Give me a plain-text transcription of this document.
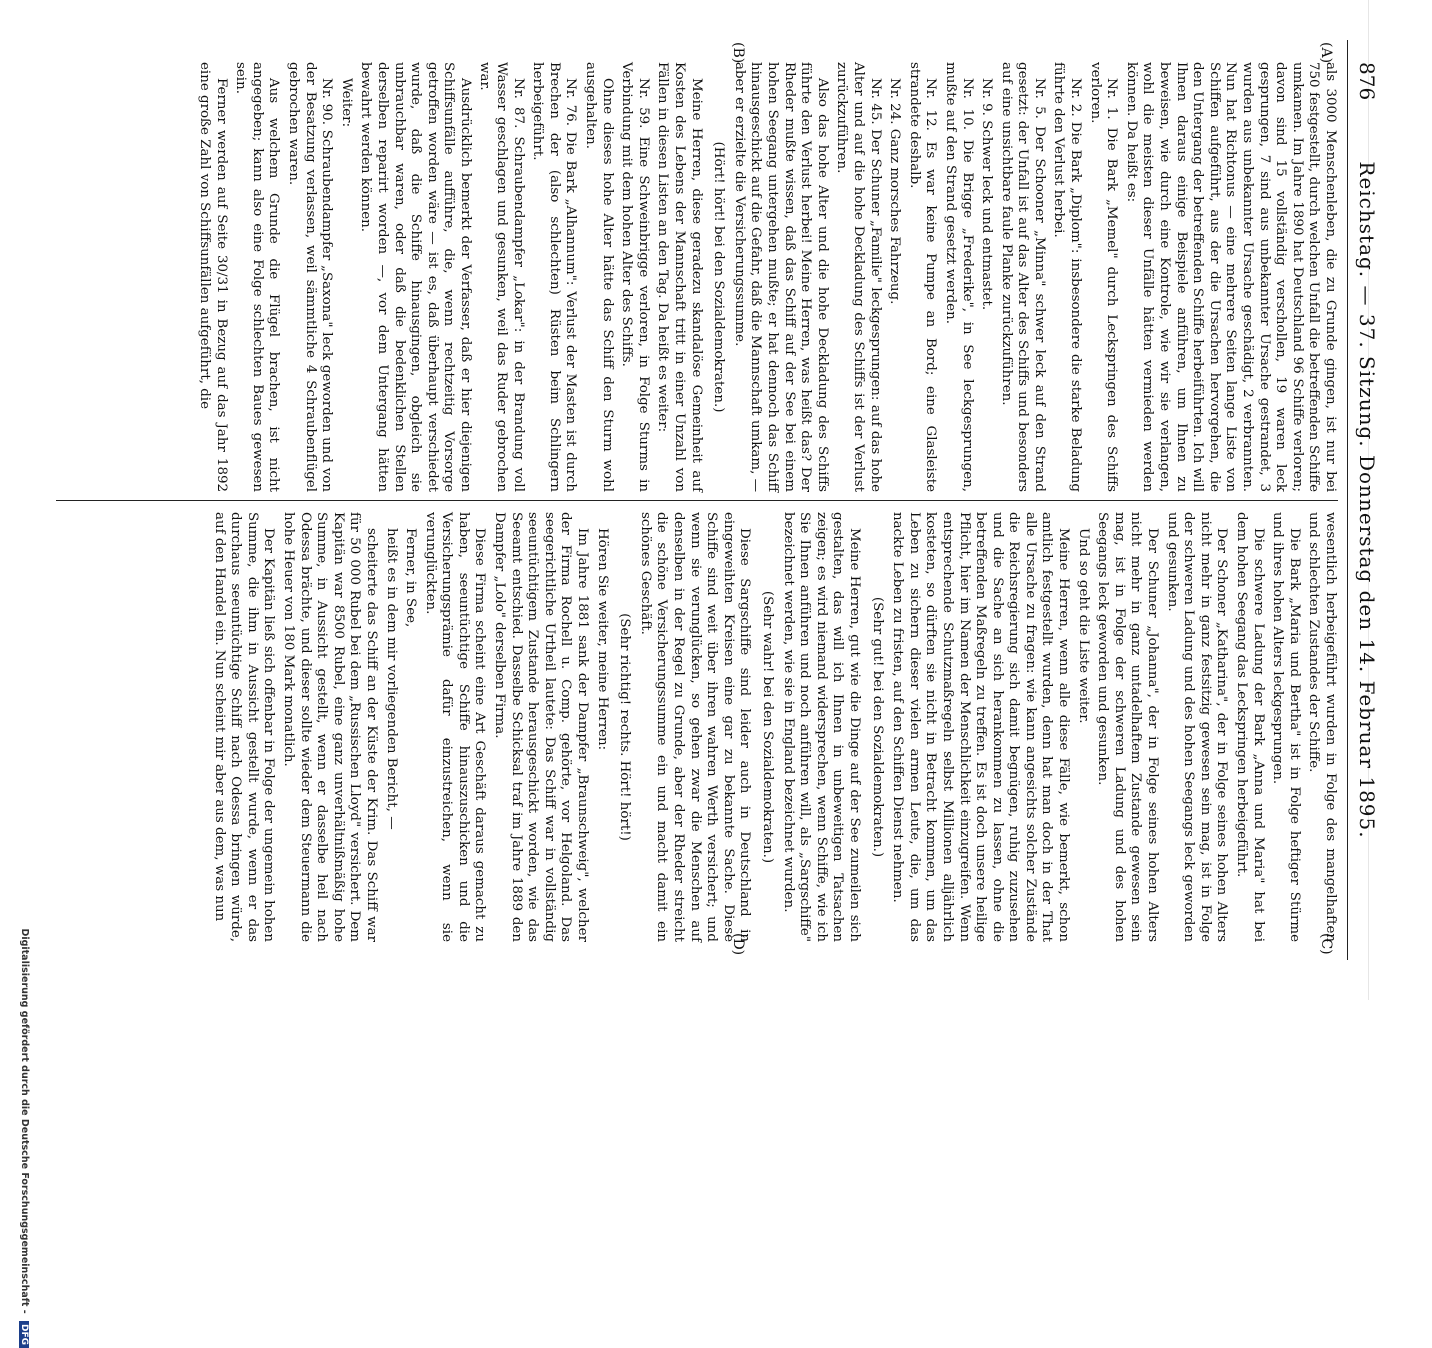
876
Reichstag. — 37. Sitzung. Donnerstag den 14. Februar 1895.
(A)
(B)
(C)
(D)

als 3000 Menschenleben, die zu Grunde gingen, ist nur bei 750 festgestellt, durch welchen Unfall die betreffenden Schiffe umkamen. Im Jahre 1890 hat Deutschland 96 Schiffe verloren; davon sind 15 vollständig verschollen, 19 waren leck gesprungen, 7 sind aus unbekannter Ursache gestrandet, 3 wurden aus unbekannter Ursache geschädigt, 2 verbrannten. Nun hat Richtonus — eine mehrere Seiten lange Liste von Schiffen aufgeführt, aus der die Ursachen hervorgehen, die den Untergang der betreffenden Schiffe herbeiführten. Ich will Ihnen daraus einige Beispiele anführen, um Ihnen zu beweisen, wie durch eine Kontrole, wie wir sie verlangen, wohl die meisten dieser Unfälle hätten vermieden werden können. Da heißt es:

Nr. 1. Die Bark „Memel" durch Leckspringen des Schiffs verloren.

Nr. 2. Die Bark „Diplom": insbesondere die starke Beladung führte den Verlust herbei.

Nr. 5. Der Schooner „Minna" schwer leck auf den Strand gesetzt: der Unfall ist auf das Alter des Schiffs und besonders auf eine unsichtbare faule Planke zurückzuführen.

Nr. 9. Schwer leck und entmastet.

Nr. 10. Die Brigge „Frederike", in See leckgesprungen, mußte auf den Strand gesetzt werden.

Nr. 12. Es war keine Pumpe an Bord; eine Glasleiste strandete deshalb.

Nr. 24. Ganz morsches Fahrzeug.

Nr. 45. Der Schuner „Familie" leckgesprungen: auf das hohe Alter und auf die hohe Deckladung des Schiffs ist der Verlust zurückzuführen.

Also das hohe Alter und die hohe Deckladung des Schiffs führte den Verlust herbei! Meine Herren, was heißt das? Der Rheder mußte wissen, daß das Schiff auf der See bei einem hohen Seegang untergehen mußte; er hat dennoch das Schiff hinausgeschickt auf die Gefahr, daß die Mannschaft umkam, — aber er erzielte die Versicherungssumme.

(Hört! hört! bei den Sozialdemokraten.)

Meine Herren, diese geradezu skandalöse Gemeinheit auf Kosten des Lebens der Mannschaft tritt in einer Unzahl von Fällen in diesen Listen an den Tag. Da heißt es weiter:

Nr. 59. Eine Schweinbrigge verloren, in Folge Sturms in Verbindung mit dem hohen Alter des Schiffs.

Ohne dieses hohe Alter hätte das Schiff den Sturm wohl ausgehalten.

Nr. 76. Die Bark „Alhannum": Verlust der Masten ist durch Brechen der (also schlechten) Rüsten beim Schlingern herbeigeführt.

Nr. 87. Schraubendampfer „Lokar": in der Brandung voll Wasser geschlagen und gesunken, weil das Ruder gebrochen war.

Ausdrücklich bemerkt der Verfasser, daß er hier diejenigen Schiffsunfälle aufführe, die, wenn rechtzeitig Vorsorge getroffen worden wäre — ist es, daß überhaupt verschiedet wurde, daß die Schiffe hinausgingen, obgleich sie unbrauchbar waren, oder daß die bedenklichen Stellen derselben reparirt worden —, vor dem Untergang hätten bewahrt werden können.

Weiter:

Nr. 90. Schraubendampfer „Saxona" leck geworden und von der Besatzung verlassen, weil sämmtliche 4 Schraubenflügel gebrochen waren.

Aus welchem Grunde die Flügel brachen, ist nicht angegeben; kann also eine Folge schlechten Baues gewesen sein.

Ferner werden auf Seite 30/31 in Bezug auf das Jahr 1892 eine große Zahl von Schiffsunfällen aufgeführt, die

wesentlich herbeigeführt wurden in Folge des mangelhaften und schlechten Zustandes der Schiffe.

Die Bark „Maria und Bertha" ist in Folge heftiger Stürme und ihres hohen Alters leckgesprungen.

Die schwere Ladung der Bark „Anna und Maria" hat bei dem hohen Seegang das Leckspringen herbeigeführt.

Der Schoner „Katharina", der in Folge seines hohen Alters nicht mehr in ganz festsitzig gewesen sein mag, ist in Folge der schweren Ladung und des hohen Seegangs leck geworden und gesunken.

Der Schuner „Johanna", der in Folge seines hohen Alters nicht mehr in ganz untadelhaftem Zustande gewesen sein mag, ist in Folge der schweren Ladung und des hohen Seegangs leck geworden und gesunken.

Und so geht die Liste weiter.

Meine Herren, wenn alle diese Fälle, wie bemerkt, schon amtlich festgestellt wurden, denn hat man doch in der That alle Ursache zu fragen: wie kann angesichts solcher Zustände die Reichsregierung sich damit begnügen, ruhig zuzusehen und die Sache an sich herankommen zu lassen, ohne die betreffenden Maßregeln zu treffen. Es ist doch unsere heilige Pflicht, hier im Namen der Menschlichkeit einzugreifen. Wenn entsprechende Schutzmaßregeln selbst Millionen alljährlich kosteten, so dürften sie nicht in Betracht kommen, um das Leben zu sichern dieser vielen armen Leute, die, um das nackte Leben zu fristen, auf den Schiffen Dienst nehmen.

(Sehr gut! bei den Sozialdemokraten.)

Meine Herren, gut wie die Dinge auf der See zumeilen sich gestalten, das will ich Ihnen in unbeweitigen Tatsachen zeigen; es wird niemand widersprechen, wenn Schiffe, wie ich Sie Ihnen anführen und noch anführen will, als „Sargschiffe" bezeichnet werden, wie sie in England bezeichnet wurden.

(Sehr wahr! bei den Sozialdemokraten.)

Diese Sargschiffe sind leider auch in Deutschland in eingeweihten Kreisen eine gar zu bekannte Sache. Diese Schiffe sind weit über ihren wahren Werth versichert; und wenn sie verunglücken, so gehen zwar die Menschen auf denselben in der Regel zu Grunde, aber der Rheder streicht die schöne Versicherungssumme ein und macht damit ein schönes Geschäft.

(Sehr richtig! rechts. Hört! hört!)

Hören Sie weiter, meine Herren:

Im Jahre 1881 sank der Dampfer „Braunschweig", welcher der Firma Rochell u. Comp. gehörte, vor Helgoland. Das seegerichtliche Urtheil lautete: Das Schiff war in vollständig seeuntüchtigem Zustande herausgeschickt worden, wie das Seeamt entschied. Dasselbe Schicksal traf im Jahre 1889 den Dampfer „Lolo" derselben Firma.

Diese Firma scheint eine Art Geschäft daraus gemacht zu haben, seeuntüchtige Schiffe hinauszuschicken und die Versicherungsprämie dafür einzustreichen, wenn sie verunglückten.

Ferner, in See,

heißt es in dem mir vorliegenden Bericht, —

scheiterte das Schiff an der Küste der Krim. Das Schiff war für 50 000 Rubel bei dem „Russischen Lloyd" versichert. Dem Kapitän war 8500 Rubel, eine ganz unverhältnißmäßig hohe Summe, in Aussicht gestellt, wenn er dasselbe heil nach Odessa brächte, und dieser sollte wieder dem Steuermann die hohe Heuer von 180 Mark monatlich.

Der Kapitän ließ sich offenbar in Folge der ungemein hohen Summe, die ihm in Aussicht gestellt wurde, wenn er das durchaus seeuntüchtige Schiff nach Odessa bringen würde, auf den Handel ein. Nun scheint mir aber aus dem, was nun

Digitalisierung gefördert durch die Deutsche Forschungsgemeinschaft - DFG
